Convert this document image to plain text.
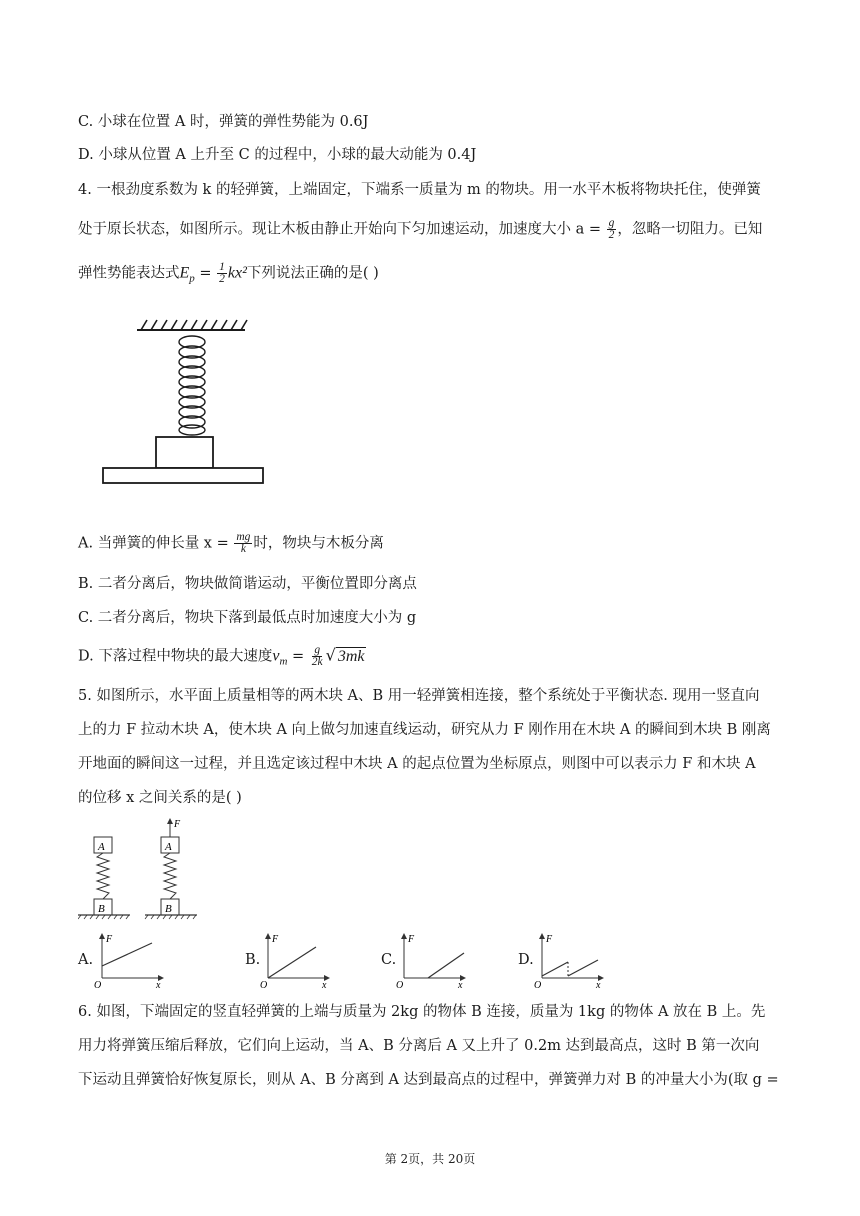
C. 小球在位置 A 时，弹簧的弹性势能为 0.6J
D. 小球从位置 A 上升至 C 的过程中，小球的最大动能为 0.4J
4. 一根劲度系数为 k 的轻弹簧，上端固定，下端系一质量为 m 的物块。用一水平木板将物块托住，使弹簧
处于原长状态，如图所示。现让木板由静止开始向下匀加速运动，加速度大小 $a = \frac{g}{2}$ ，忽略一切阻力。已知
弹性势能表达式$E_p = \frac{1}{2} kx^2$下列说法正确的是( )
A. 当弹簧的伸长量 $x = \frac{mg}{k}$ 时，物块与木板分离
B. 二者分离后，物块做简谐运动，平衡位置即分离点
C. 二者分离后，物块下落到最低点时加速度大小为 g
D. 下落过程中物块的最大速度$v_m = \frac{g}{2k}$ √ 3mk
5. 如图所示，水平面上质量相等的两木块 A、B 用一轻弹簧相连接，整个系统处于平衡状态. 现用一竖直向
上的力 F 拉动木块 A，使木块 A 向上做匀加速直线运动，研究从力 F 刚作用在木块 A 的瞬间到木块 B 刚离
开地面的瞬间这一过程，并且选定该过程中木块 A 的起点位置为坐标原点，则图中可以表示力 F 和木块 A
的位移 x 之间关系的是( )
A
B
F
A
B
A.
F
x
O
B.
F
x
O
C.
F
x
O
D.
F
x
O
6. 如图，下端固定的竖直轻弹簧的上端与质量为 2kg 的物体 B 连接，质量为 1kg 的物体 A 放在 B 上。先
用力将弹簧压缩后释放，它们向上运动，当 A、B 分离后 A 又上升了 0.2m 达到最高点，这时 B 第一次向
下运动且弹簧恰好恢复原长，则从 A、B 分离到 A 达到最高点的过程中，弹簧弹力对 B 的冲量大小为(取 g =
第 2页，共 20页
